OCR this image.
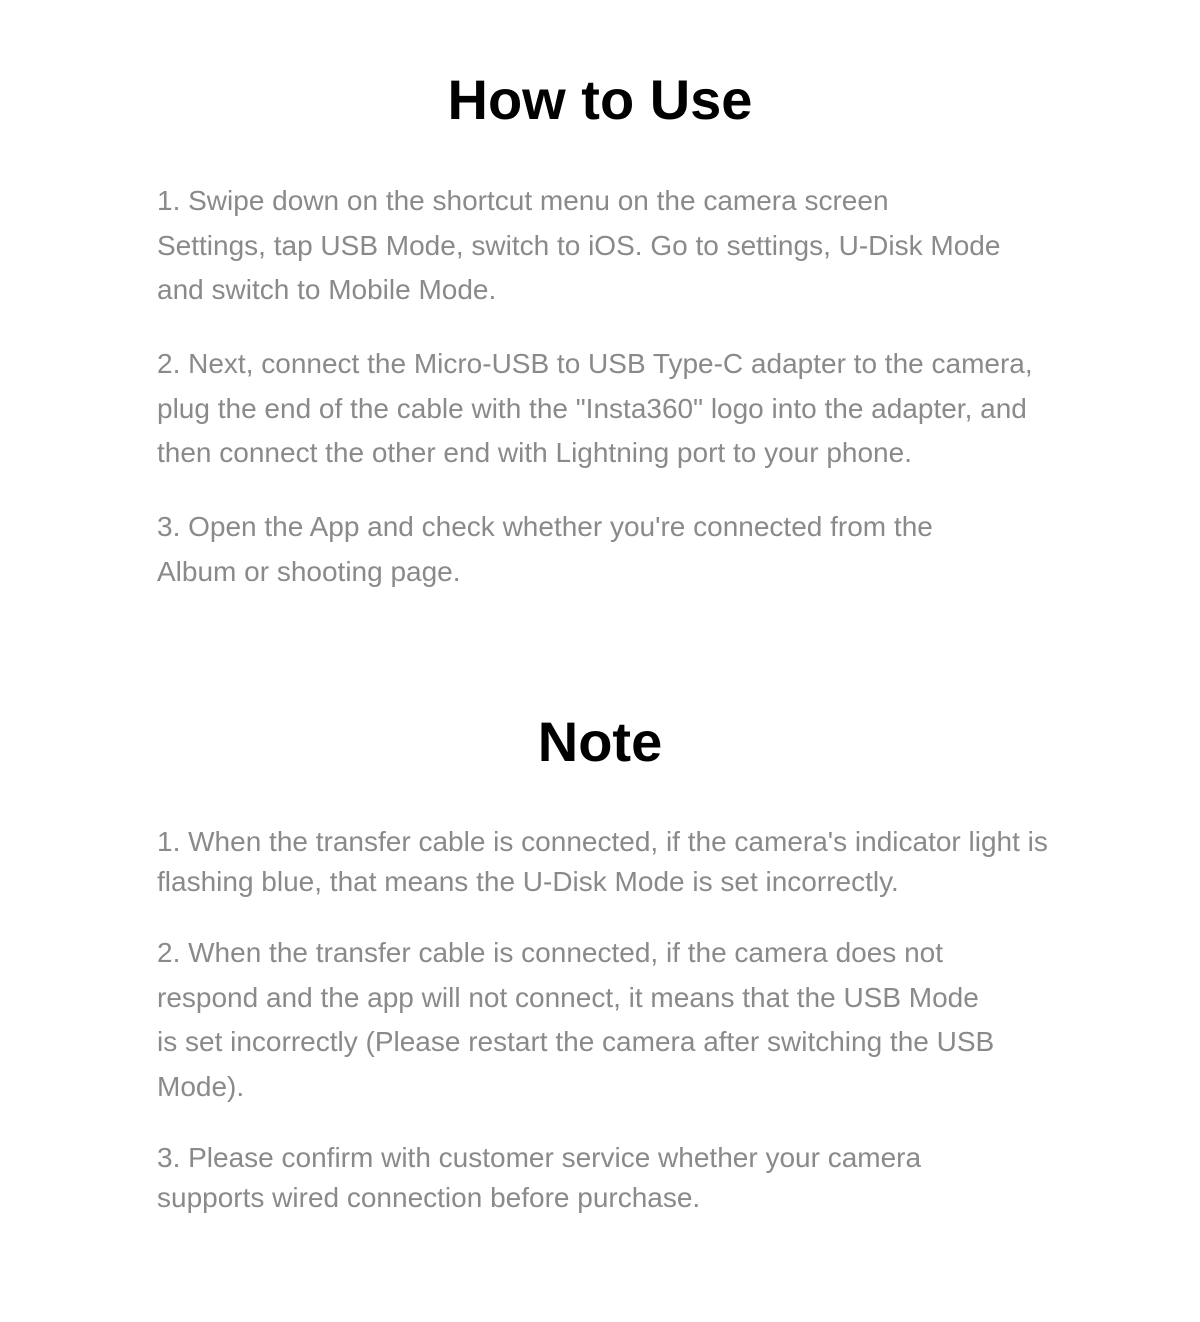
How to Use

1. Swipe down on the shortcut menu on the camera screen
Settings, tap USB Mode, switch to iOS. Go to settings, U-Disk Mode
and switch to Mobile Mode.

2. Next, connect the Micro-USB to USB Type-C adapter to the camera,
plug the end of the cable with the "Insta360" logo into the adapter, and
then connect the other end with Lightning port to your phone.

3. Open the App and check whether you're connected from the
Album or shooting page.

Note

1. When the transfer cable is connected, if the camera's indicator light is
flashing blue, that means the U-Disk Mode is set incorrectly.

2. When the transfer cable is connected, if the camera does not
respond and the app will not connect, it means that the USB Mode
is set incorrectly (Please restart the camera after switching the USB
Mode).

3. Please confirm with customer service whether your camera
supports wired connection before purchase.
